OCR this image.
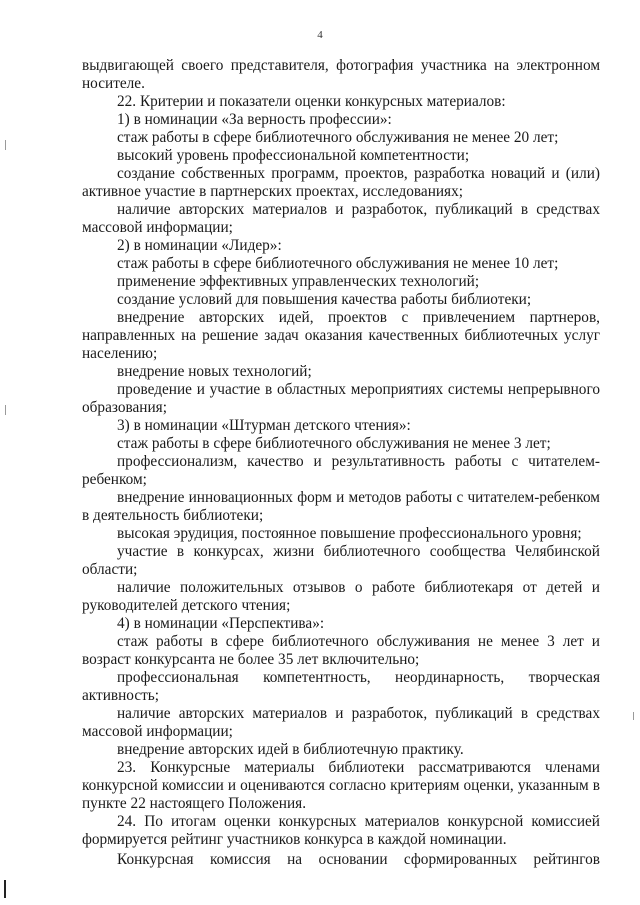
4
выдвигающей своего представителя, фотография участника на электронном
носителе.
22. Критерии и показатели оценки конкурсных материалов:
1) в номинации «За верность профессии»:
стаж работы в сфере библиотечного обслуживания не менее 20 лет;
высокий уровень профессиональной компетентности;
создание собственных программ, проектов, разработка новаций и (или)
активное участие в партнерских проектах, исследованиях;
наличие авторских материалов и разработок, публикаций в средствах
массовой информации;
2) в номинации «Лидер»:
стаж работы в сфере библиотечного обслуживания не менее 10 лет;
применение эффективных управленческих технологий;
создание условий для повышения качества работы библиотеки;
внедрение авторских идей, проектов с привлечением партнеров,
направленных на решение задач оказания качественных библиотечных услуг
населению;
внедрение новых технологий;
проведение и участие в областных мероприятиях системы непрерывного
образования;
3) в номинации «Штурман детского чтения»:
стаж работы в сфере библиотечного обслуживания не менее 3 лет;
профессионализм, качество и результативность работы с читателем-
ребенком;
внедрение инновационных форм и методов работы с читателем-ребенком
в деятельность библиотеки;
высокая эрудиция, постоянное повышение профессионального уровня;
участие в конкурсах, жизни библиотечного сообщества Челябинской
области;
наличие положительных отзывов о работе библиотекаря от детей и
руководителей детского чтения;
4) в номинации «Перспектива»:
стаж работы в сфере библиотечного обслуживания не менее 3 лет и
возраст конкурсанта не более 35 лет включительно;
профессиональная компетентность, неординарность, творческая
активность;
наличие авторских материалов и разработок, публикаций в средствах
массовой информации;
внедрение авторских идей в библиотечную практику.
23. Конкурсные материалы библиотеки рассматриваются членами
конкурсной комиссии и оцениваются согласно критериям оценки, указанным в
пункте 22 настоящего Положения.
24. По итогам оценки конкурсных материалов конкурсной комиссией
формируется рейтинг участников конкурса в каждой номинации.
Конкурсная комиссия на основании сформированных рейтингов
